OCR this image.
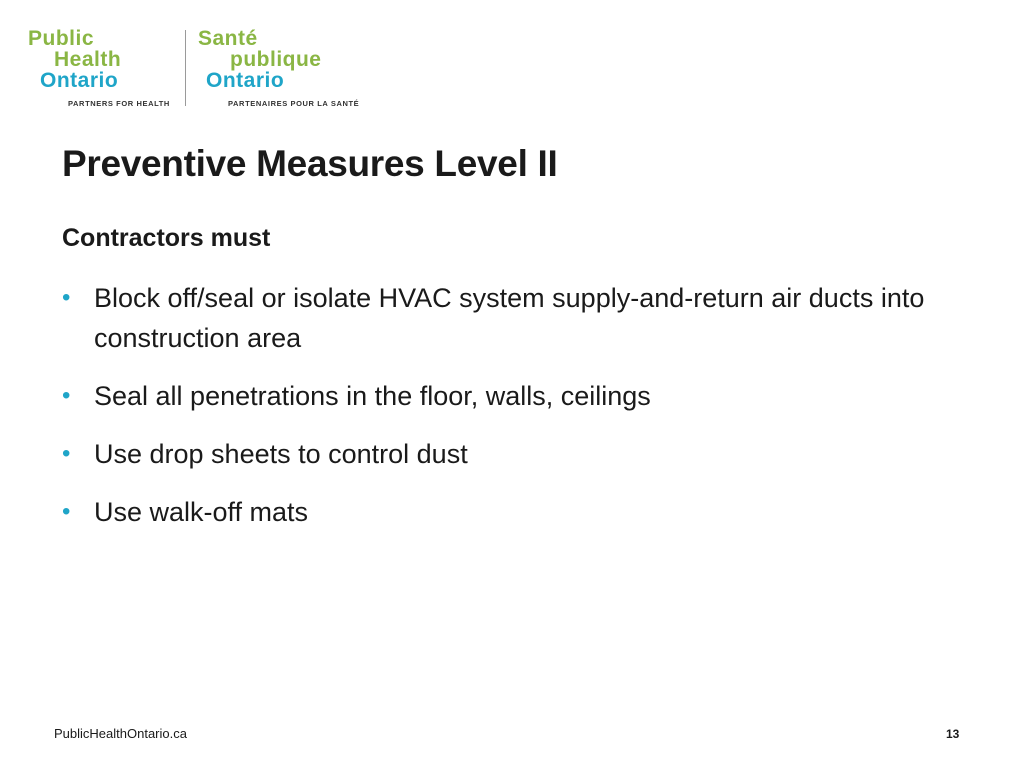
Public
Health
Ontario
Santé
publique
Ontario
PARTNERS FOR HEALTH	PARTENAIRES POUR LA SANTÉ
Preventive Measures Level II
Contractors must
• Block off/seal or isolate HVAC system supply-and-return air ducts into construction area
• Seal all penetrations in the floor, walls, ceilings
• Use drop sheets to control dust
• Use walk-off mats
PublicHealthOntario.ca	13
